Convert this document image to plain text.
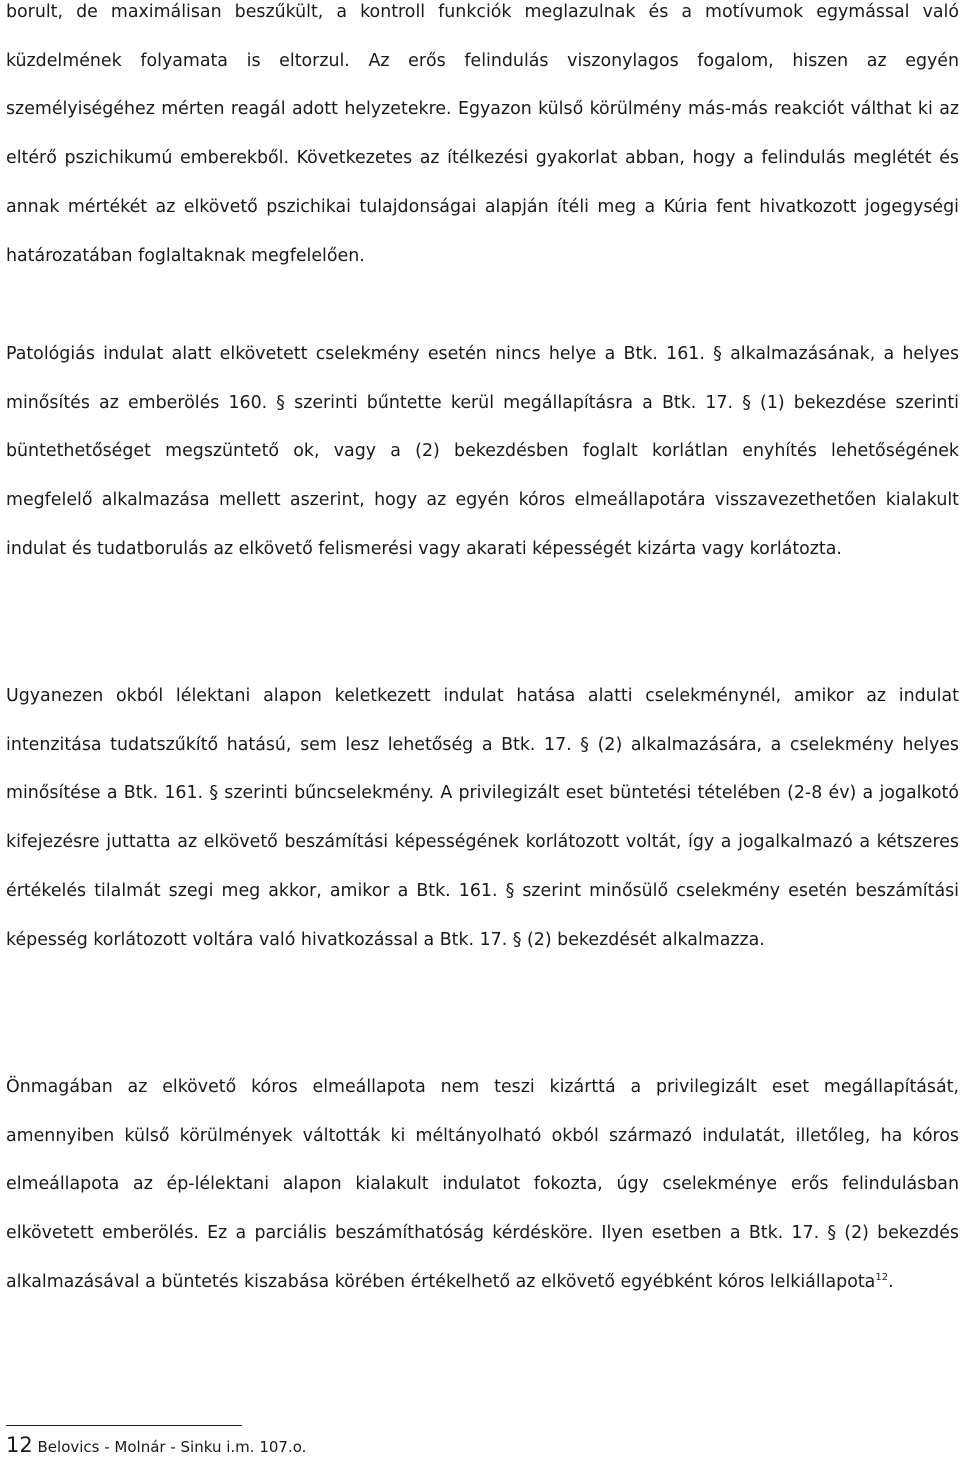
borult, de maximálisan beszűkült, a kontroll funkciók meglazulnak és a motívumok egymással való küzdelmének folyamata is eltorzul. Az erős felindulás viszonylagos fogalom, hiszen az egyén személyiségéhez mérten reagál adott helyzetekre. Egyazon külső körülmény más-más reakciót válthat ki az eltérő pszichikumú emberekből. Következetes az ítélkezési gyakorlat abban, hogy a felindulás meglétét és annak mértékét az elkövető pszichikai tulajdonságai alapján ítéli meg a Kúria fent hivatkozott jogegységi határozatában foglaltaknak megfelelően.

Patológiás indulat alatt elkövetett cselekmény esetén nincs helye a Btk. 161. § alkalmazásának, a helyes minősítés az emberölés 160. § szerinti bűntette kerül megállapításra a Btk. 17. § (1) bekezdése szerinti büntethetőséget megszüntető ok, vagy a (2) bekezdésben foglalt korlátlan enyhítés lehetőségének megfelelő alkalmazása mellett aszerint, hogy az egyén kóros elmeállapotára visszavezethetően kialakult indulat és tudatborulás az elkövető felismerési vagy akarati képességét kizárta vagy korlátozta.

Ugyanezen okból lélektani alapon keletkezett indulat hatása alatti cselekménynél, amikor az indulat intenzitása tudatszűkítő hatású, sem lesz lehetőség a Btk. 17. § (2) alkalmazására, a cselekmény helyes minősítése a Btk. 161. § szerinti bűncselekmény. A privilegizált eset büntetési tételében (2-8 év) a jogalkotó kifejezésre juttatta az elkövető beszámítási képességének korlátozott voltát, így a jogalkalmazó a kétszeres értékelés tilalmát szegi meg akkor, amikor a Btk. 161. § szerint minősülő cselekmény esetén beszámítási képesség korlátozott voltára való hivatkozással a Btk. 17. § (2) bekezdését alkalmazza.

Önmagában az elkövető kóros elmeállapota nem teszi kizárttá a privilegizált eset megállapítását, amennyiben külső körülmények váltották ki méltányolható okból származó indulatát, illetőleg, ha kóros elmeállapota az ép-lélektani alapon kialakult indulatot fokozta, úgy cselekménye erős felindulásban elkövetett emberölés. Ez a parciális beszámíthatóság kérdésköre. Ilyen esetben a Btk. 17. § (2) bekezdés alkalmazásával a büntetés kiszabása körében értékelhető az elkövető egyébként kóros lelkiállapota$^{12}$.

12 Belovics - Molnár - Sinku i.m. 107.o.
